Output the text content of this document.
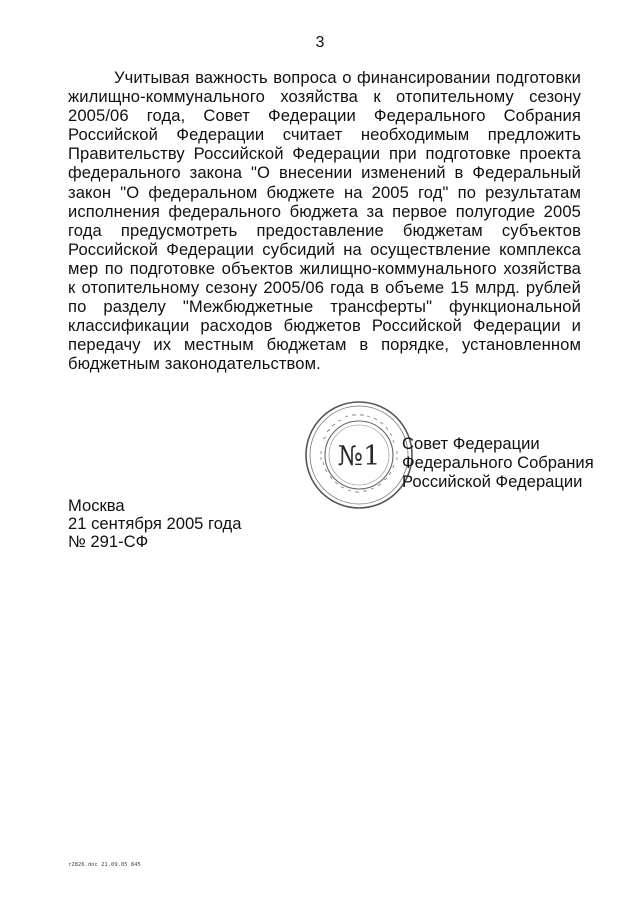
3

Учитывая важность вопроса о финансировании подготовки жилищно-коммунального хозяйства к отопительному сезону 2005/06 года, Совет Федерации Федерального Собрания Российской Федерации считает необходимым предложить Правительству Российской Федерации при подготовке проекта федерального закона "О внесении изменений в Федеральный закон "О федеральном бюджете на 2005 год" по результатам исполнения федерального бюджета за первое полугодие 2005 года предусмотреть предоставление бюджетам субъектов Российской Федерации субсидий на осуществление комплекса мер по подготовке объектов жилищно-коммунального хозяйства к отопительному сезону 2005/06 года в объеме 15 млрд. рублей по разделу "Межбюджетные трансферты" функциональной классификации расходов бюджетов Российской Федерации и передачу их местным бюджетам в порядке, установленном бюджетным законодательством.

№1 Совет Федерации
Федерального Собрания
Российской Федерации
Москва
21 сентября 2005 года
№ 291-СФ
r2826.doc 21.09.05 845
